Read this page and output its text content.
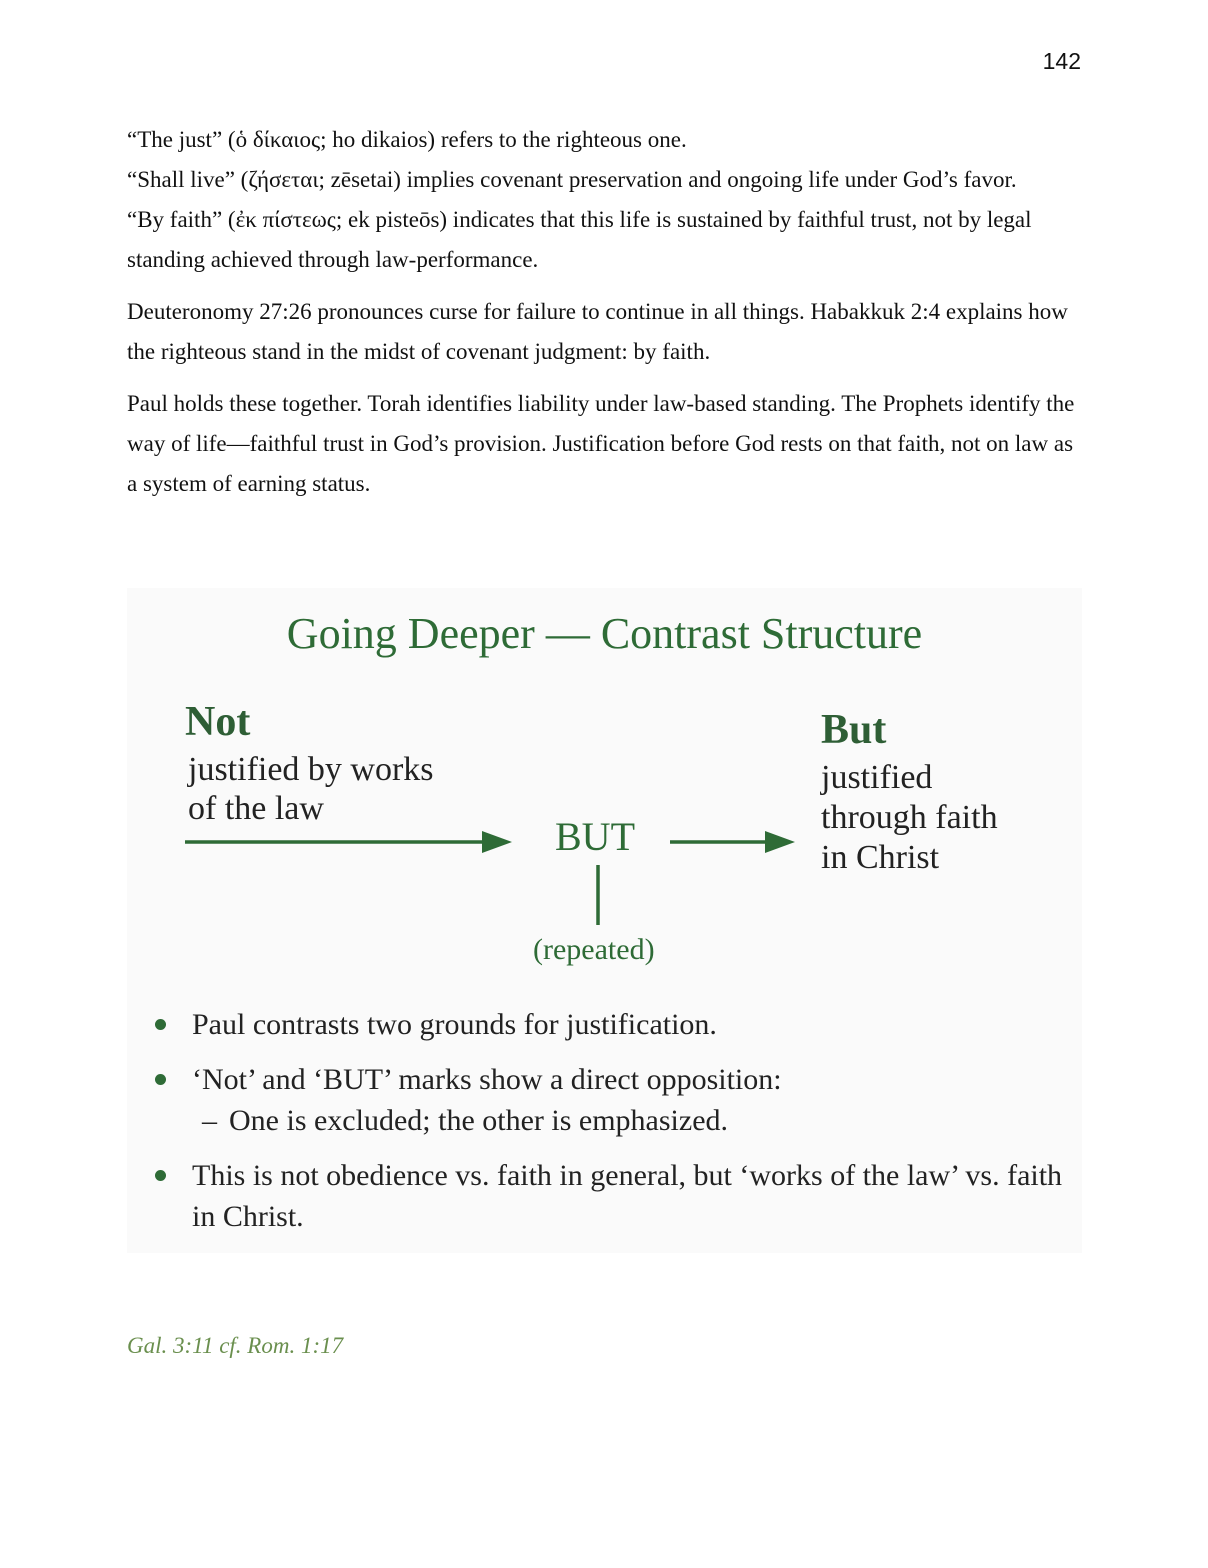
142

“The just” (ὁ δίκαιος; ho dikaios) refers to the righteous one.

“Shall live” (ζήσεται; zēsetai) implies covenant preservation and ongoing life under God’s favor.

“By faith” (ἐκ πίστεως; ek pisteōs) indicates that this life is sustained by faithful trust, not by legal standing achieved through law-performance.

Deuteronomy 27:26 pronounces curse for failure to continue in all things. Habakkuk 2:4 explains how the righteous stand in the midst of covenant judgment: by faith.

Paul holds these together. Torah identifies liability under law-based standing. The Prophets identify the way of life—faithful trust in God’s provision. Justification before God rests on that faith, not on law as a system of earning status.

Going Deeper — Contrast Structure
Not
justified by works
of the law
BUT
(repeated)
But
justified
through faith
in Christ
Paul contrasts two grounds for justification.
‘Not’ and ‘BUT’ marks show a direct opposition:
– One is excluded; the other is emphasized.
This is not obedience vs. faith in general, but ‘works of the law’ vs. faith in Christ.
Gal. 3:11 cf. Rom. 1:17
